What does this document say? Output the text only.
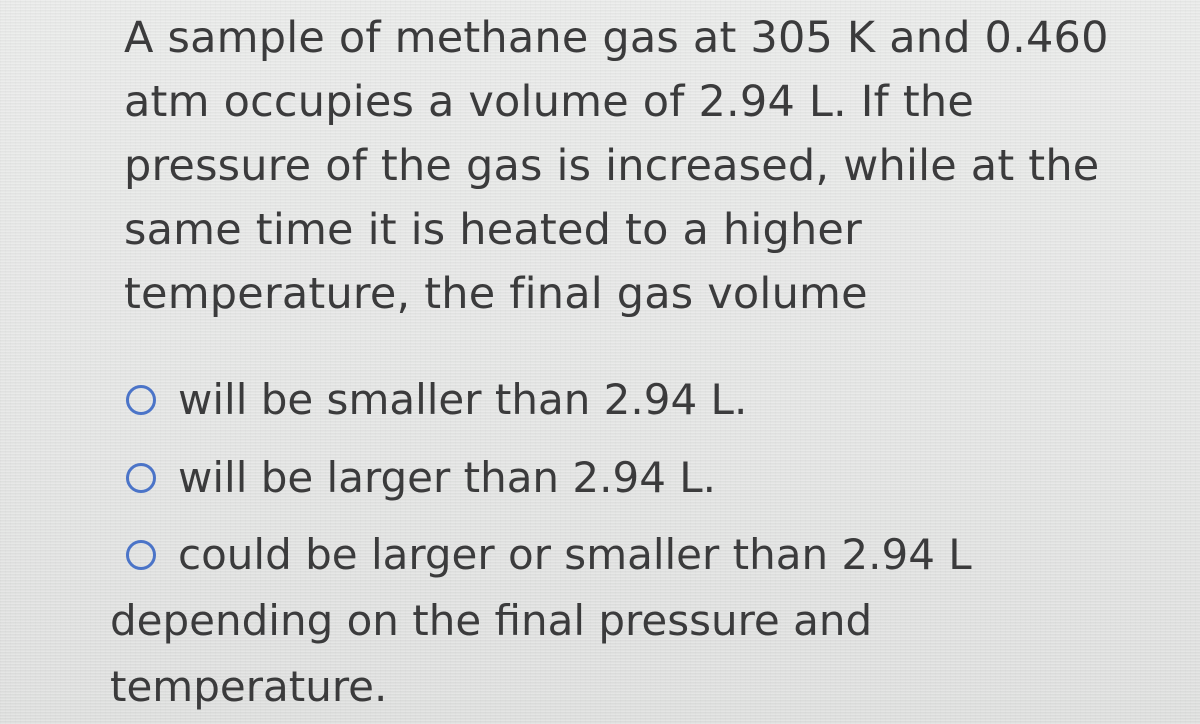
A sample of methane gas at 305 K and 0.460
atm occupies a volume of 2.94 L. If the
pressure of the gas is increased, while at the
same time it is heated to a higher
temperature, the final gas volume
will be smaller than 2.94 L.
will be larger than 2.94 L.
could be larger or smaller than 2.94 L
depending on the final pressure and
temperature.
